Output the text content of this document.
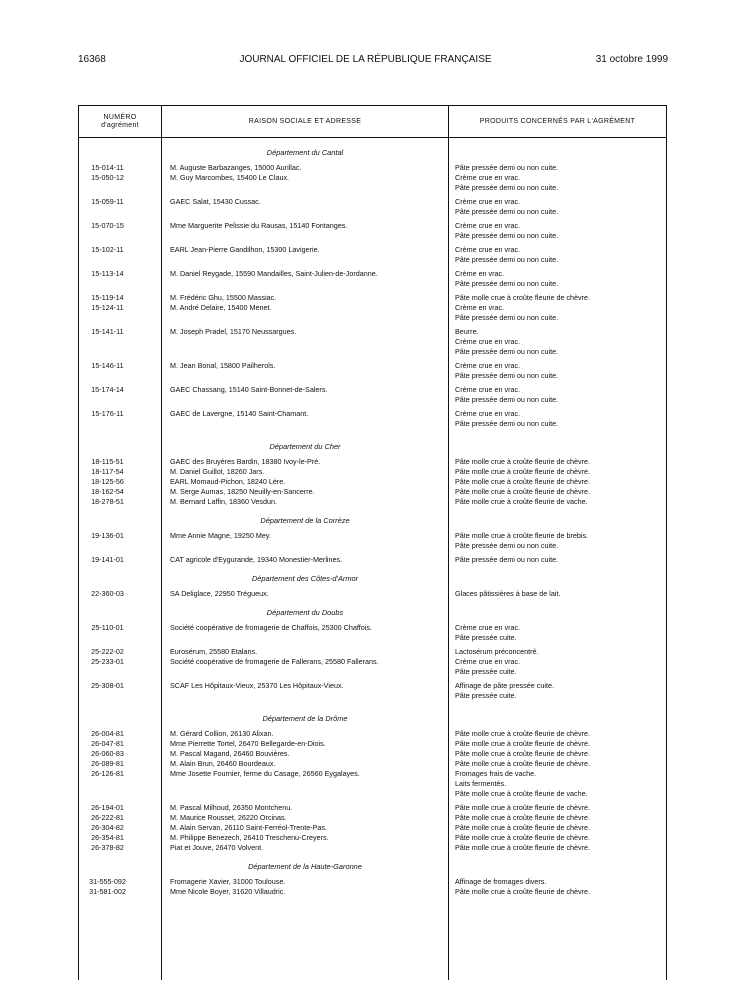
16368	JOURNAL OFFICIEL DE LA RÉPUBLIQUE FRANÇAISE	31 octobre 1999
NUMÉRO
d'agrément	RAISON SOCIALE ET ADRESSE	PRODUITS CONCERNÉS PAR L'AGRÉMENT
Département du Cantal
15-014-11	M. Auguste Barbazanges, 15000 Aurillac.	Pâte pressée demi ou non cuite.
15-050-12	M. Guy Marcombes, 15400 Le Claux.	Crème crue en vrac.
Pâte pressée demi ou non cuite.
15-059-11	GAEC Salat, 15430 Cussac.	Crème crue en vrac.
Pâte pressée demi ou non cuite.
15-070-15	Mme Marguerite Pelissie du Rausas, 15140 Fontanges.	Crème crue en vrac.
Pâte pressée demi ou non cuite.
15-102-11	EARL Jean-Pierre Gandilhon, 15300 Lavigerie.	Crème crue en vrac.
Pâte pressée demi ou non cuite.
15-113-14	M. Daniel Reygade, 15590 Mandailles, Saint-Julien-de-Jordanne.	Crème en vrac.
Pâte pressée demi ou non cuite.
15-119-14	M. Frédéric Ghu, 15500 Massiac.	Pâte molle crue à croûte fleurie de chèvre.
15-124-11	M. André Delaire, 15400 Menet.	Crème en vrac.
Pâte pressée demi ou non cuite.
15-141-11	M. Joseph Pradel, 15170 Neussargues.	Beurre.
Crème crue en vrac.
Pâte pressée demi ou non cuite.
15-146-11	M. Jean Bonal, 15800 Pailherols.	Crème crue en vrac.
Pâte pressée demi ou non cuite.
15-174-14	GAEC Chassang, 15140 Saint-Bonnet-de-Salers.	Crème crue en vrac.
Pâte pressée demi ou non cuite.
15-176-11	GAEC de Lavergne, 15140 Saint-Chamant.	Crème crue en vrac.
Pâte pressée demi ou non cuite.
Département du Cher
18-115-51	GAEC des Bruyères Bardin, 18380 Ivoy-le-Pré.	Pâte molle crue à croûte fleurie de chèvre.
18-117-54	M. Daniel Guillot, 18260 Jars.	Pâte molle crue à croûte fleurie de chèvre.
18-125-56	EARL Momaud-Pichon, 18240 Lère.	Pâte molle crue à croûte fleurie de chèvre.
18-162-54	M. Serge Aumas, 18250 Neuilly-en-Sancerre.	Pâte molle crue à croûte fleurie de chèvre.
18-278-51	M. Bernard Laffin, 18360 Vesdun.	Pâte molle crue à croûte fleurie de vache.
Département de la Corrèze
19-136-01	Mme Annie Magne, 19250 Mey.	Pâte molle crue à croûte fleurie de brebis.
Pâte pressée demi ou non cuite.
19-141-01	CAT agricole d'Eygurande, 19340 Monestier-Merlines.	Pâte pressée demi ou non cuite.
Département des Côtes-d'Armor
22-360-03	SA Deliglace, 22950 Trégueux.	Glaces pâtissières à base de lait.
Département du Doubs
25-110-01	Société coopérative de fromagerie de Chaffois, 25300 Chaffois.	Crème crue en vrac.
Pâte pressée cuite.
25-222-02	Eurosérum, 25580 Etalans.	Lactosérum préconcentré.
25-233-01	Société coopérative de fromagerie de Fallerans, 25580 Fallerans.	Crème crue en vrac.
Pâte pressée cuite.
25-308-01	SCAF Les Hôpitaux-Vieux, 25370 Les Hôpitaux-Vieux.	Affinage de pâte pressée cuite.
Pâte pressée cuite.
Département de la Drôme
26-004-81	M. Gérard Collion, 26130 Alixan.	Pâte molle crue à croûte fleurie de chèvre.
26-047-81	Mme Pierrette Tortel, 26470 Bellegarde-en-Diois.	Pâte molle crue à croûte fleurie de chèvre.
26-060-83	M. Pascal Magand, 26460 Bouvières.	Pâte molle crue à croûte fleurie de chèvre.
26-089-81	M. Alain Brun, 26460 Bourdeaux.	Pâte molle crue à croûte fleurie de chèvre.
26-126-81	Mme Josette Fournier, ferme du Casage, 26560 Eygalayes.	Fromages frais de vache.
Laits fermentés.
Pâte molle crue à croûte fleurie de vache.
26-194-01	M. Pascal Milhoud, 26350 Montchenu.	Pâte molle crue à croûte fleurie de chèvre.
26-222-81	M. Maurice Rousset, 26220 Orcinas.	Pâte molle crue à croûte fleurie de chèvre.
26-304-82	M. Alain Servan, 26110 Saint-Ferréol-Trente-Pas.	Pâte molle crue à croûte fleurie de chèvre.
26-354-81	M. Philippe Benezech, 26410 Treschenu-Creyers.	Pâte molle crue à croûte fleurie de chèvre.
26-378-82	Piat et Jouve, 26470 Volvent.	Pâte molle crue à croûte fleurie de chèvre.
Département de la Haute-Garonne
31-555-092	Fromagerie Xavier, 31000 Toulouse.	Affinage de fromages divers.
31-581-002	Mme Nicole Boyer, 31620 Villaudric.	Pâte molle crue à croûte fleurie de chèvre.
